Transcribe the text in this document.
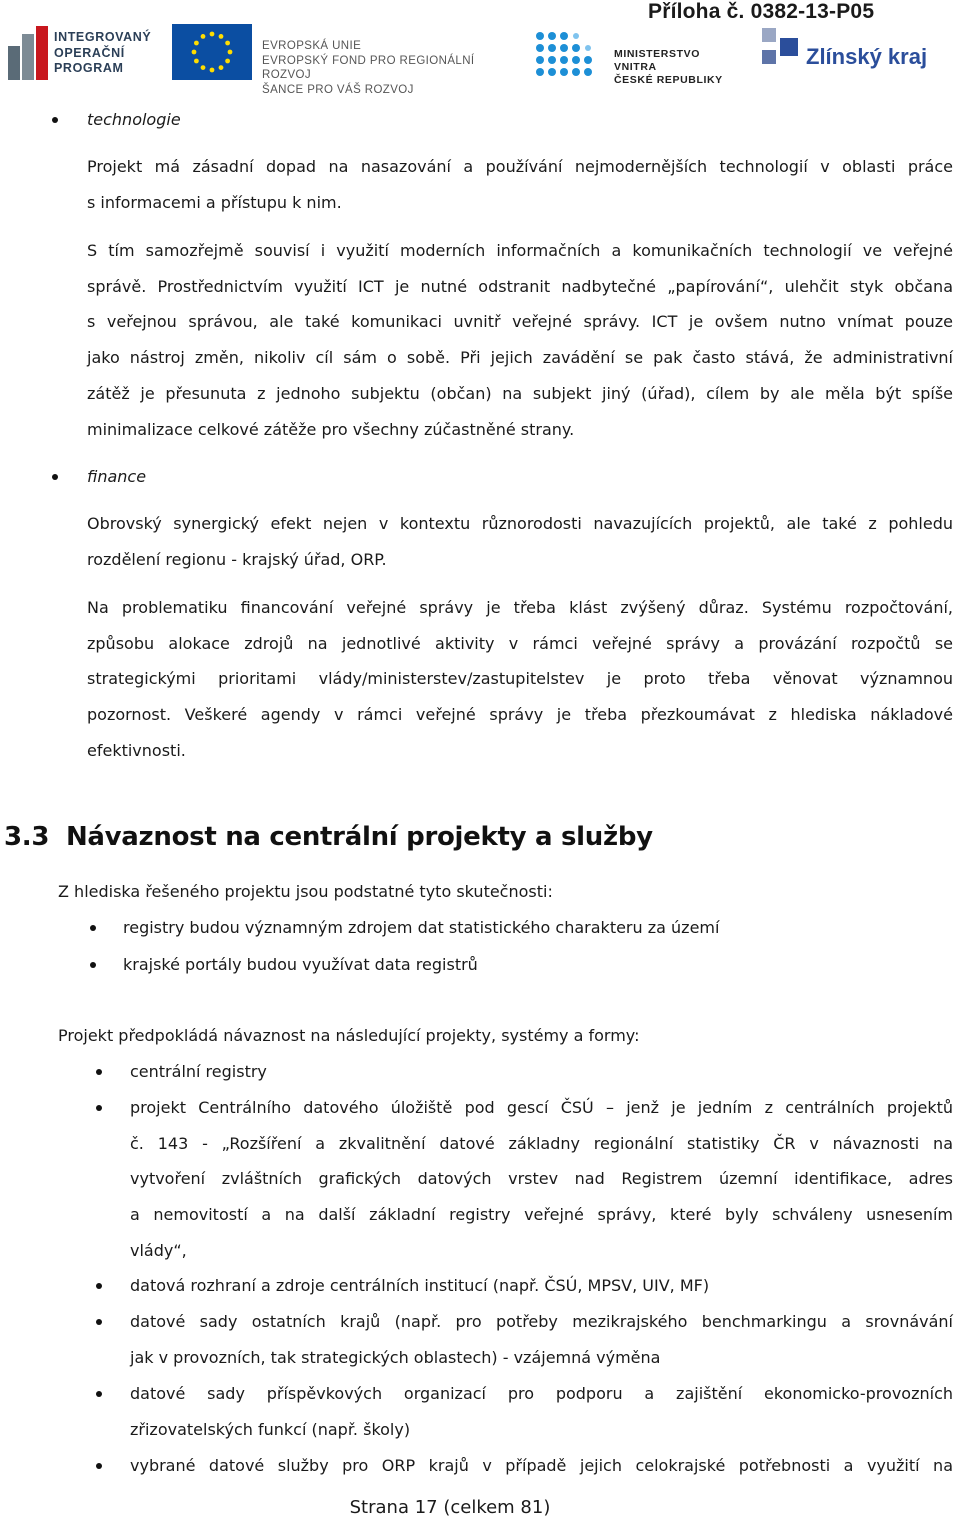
Příloha č. 0382-13-P05
INTEGROVANÝ
OPERAČNÍ
PROGRAM
EVROPSKÁ UNIE
EVROPSKÝ FOND PRO REGIONÁLNÍ ROZVOJ
ŠANCE PRO VÁŠ ROZVOJ
MINISTERSTVO VNITRA
ČESKÉ REPUBLIKY
Zlínský kraj
technologie
Projekt má zásadní dopad na nasazování a používání nejmodernějších technologií v oblasti práce
s informacemi a přístupu k nim.
S tím samozřejmě souvisí i využití moderních informačních a komunikačních technologií ve veřejné
správě. Prostřednictvím využití ICT je nutné odstranit nadbytečné „papírování“, ulehčit styk občana
s veřejnou správou, ale také komunikaci uvnitř veřejné správy. ICT je ovšem nutno vnímat pouze
jako nástroj změn, nikoliv cíl sám o sobě. Při jejich zavádění se pak často stává, že administrativní
zátěž je přesunuta z jednoho subjektu (občan) na subjekt jiný (úřad), cílem by ale měla být spíše
minimalizace celkové zátěže pro všechny zúčastněné strany.
finance
Obrovský synergický efekt nejen v kontextu různorodosti navazujících projektů, ale také z pohledu
rozdělení regionu - krajský úřad, ORP.
Na problematiku financování veřejné správy je třeba klást zvýšený důraz. Systému rozpočtování,
způsobu alokace zdrojů na jednotlivé aktivity v rámci veřejné správy a provázání rozpočtů se
strategickými prioritami vlády/ministerstev/zastupitelstev je proto třeba věnovat významnou
pozornost. Veškeré agendy v rámci veřejné správy je třeba přezkoumávat z hlediska nákladové
efektivnosti.
3.3 Návaznost na centrální projekty a služby
Z hlediska řešeného projektu jsou podstatné tyto skutečnosti:
registry budou významným zdrojem dat statistického charakteru za území
krajské portály budou využívat data registrů
Projekt předpokládá návaznost na následující projekty, systémy a formy:
centrální registry
projekt Centrálního datového úložiště pod gescí ČSÚ – jenž je jedním z centrálních projektů
č. 143 - „Rozšíření a zkvalitnění datové základny regionální statistiky ČR v návaznosti na
vytvoření zvláštních grafických datových vrstev nad Registrem územní identifikace, adres
a nemovitostí a na další základní registry veřejné správy, které byly schváleny usnesením
vlády“,
datová rozhraní a zdroje centrálních institucí (např. ČSÚ, MPSV, UIV, MF)
datové sady ostatních krajů (např. pro potřeby mezikrajského benchmarkingu a srovnávání
jak v provozních, tak strategických oblastech) - vzájemná výměna
datové sady příspěvkových organizací pro podporu a zajištění ekonomicko-provozních
zřizovatelských funkcí (např. školy)
vybrané datové služby pro ORP krajů v případě jejich celokrajské potřebnosti a využití na
Strana 17 (celkem 81)
